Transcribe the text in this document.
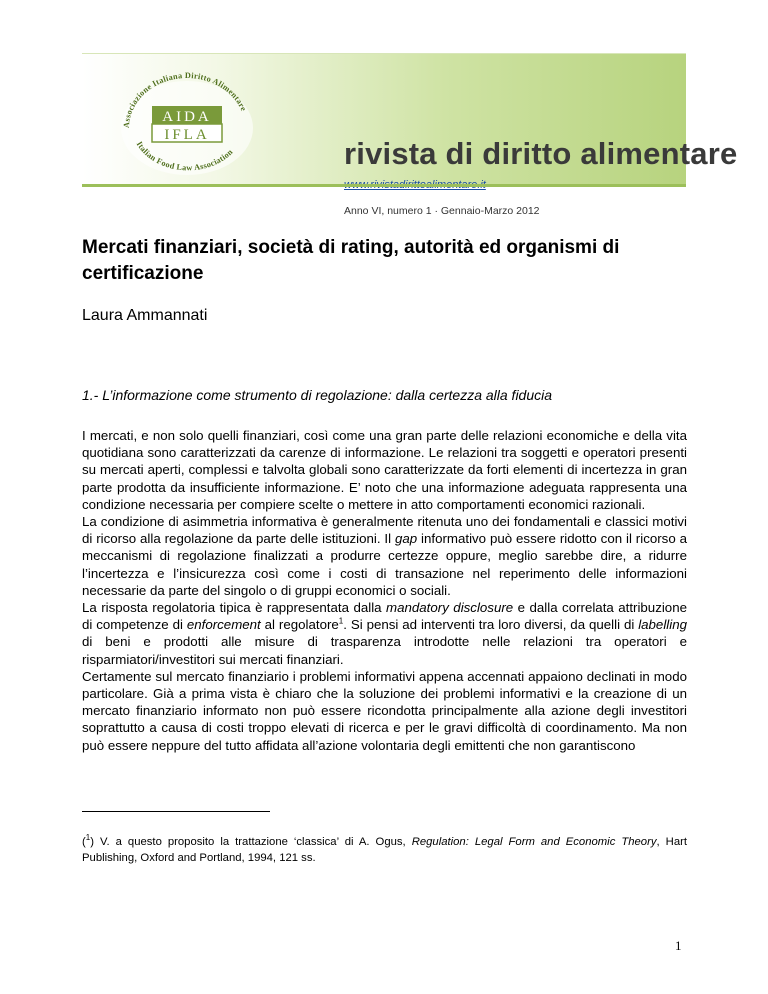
Associazione Italiana Diritto Alimentare
Italian Food Law Association
AIDA
IFLA
rivista di diritto alimentare
Anno VI, numero 1 · Gennaio-Marzo 2012
Mercati finanziari, società di rating, autorità ed organismi di certificazione
Laura Ammannati
1.- L’informazione come strumento di regolazione: dalla certezza alla fiducia

I mercati, e non solo quelli finanziari, così come una gran parte delle relazioni economiche e della vita quotidiana sono caratterizzati da carenze di informazione. Le relazioni tra soggetti e operatori presenti su mercati aperti, complessi e talvolta globali sono caratterizzate da forti elementi di incertezza in gran parte prodotta da insufficiente informazione. E’ noto che una informazione adeguata rappresenta una condizione necessaria per compiere scelte o mettere in atto comportamenti economici razionali.

La condizione di asimmetria informativa è generalmente ritenuta uno dei fondamentali e classici motivi di ricorso alla regolazione da parte delle istituzioni. Il gap informativo può essere ridotto con il ricorso a meccanismi di regolazione finalizzati a produrre certezze oppure, meglio sarebbe dire, a ridurre l’incertezza e l’insicurezza così come i costi di transazione nel reperimento delle informazioni necessarie da parte del singolo o di gruppi economici o sociali.

La risposta regolatoria tipica è rappresentata dalla mandatory disclosure e dalla correlata attribuzione di competenze di enforcement al regolatore$^1$. Si pensi ad interventi tra loro diversi, da quelli di labelling di beni e prodotti alle misure di trasparenza introdotte nelle relazioni tra operatori e risparmiatori/investitori sui mercati finanziari.

Certamente sul mercato finanziario i problemi informativi appena accennati appaiono declinati in modo particolare. Già a prima vista è chiaro che la soluzione dei problemi informativi e la creazione di un mercato finanziario informato non può essere ricondotta principalmente alla azione degli investitori soprattutto a causa di costi troppo elevati di ricerca e per le gravi difficoltà di coordinamento. Ma non può essere neppure del tutto affidata all’azione volontaria degli emittenti che non garantiscono

($^1$) V. a questo proposito la trattazione ‘classica’ di A. Ogus, Regulation: Legal Form and Economic Theory, Hart Publishing, Oxford and Portland, 1994, 121 ss.
1
